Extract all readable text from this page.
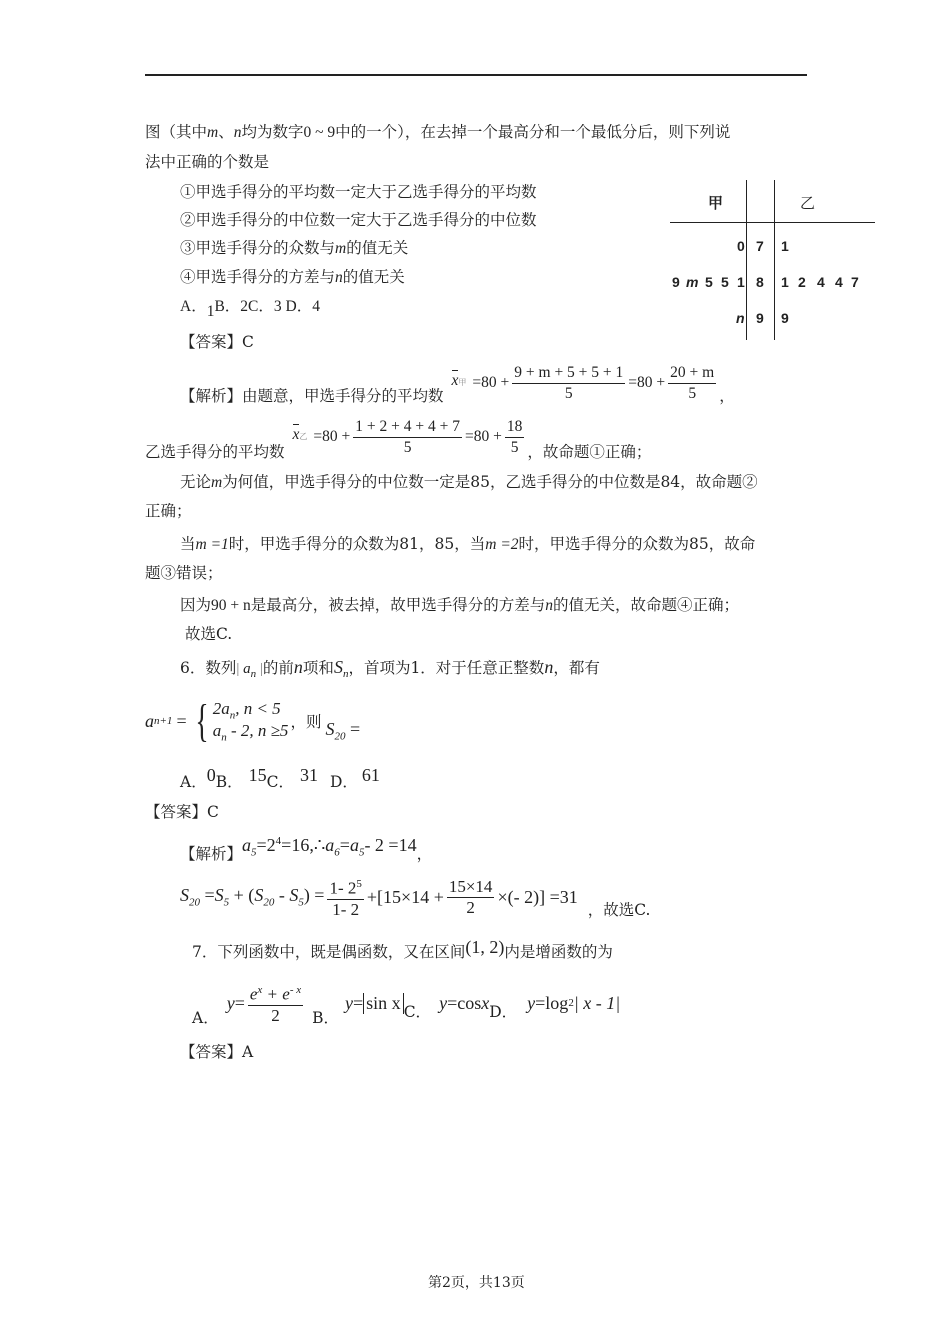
图（其中m、n均为数字0 ~ 9中的一个），在去掉一个最高分和一个最低分后，则下列说
法中正确的个数是
①甲选手得分的平均数一定大于乙选手得分的平均数
②甲选手得分的中位数一定大于乙选手得分的中位数
③甲选手得分的众数与m的值无关
④甲选手得分的方差与n的值无关
A．1B．2C．3 D．4
【答案】C
甲	乙
0 7 1
9 m 5 5 1 8 1 2 4 4 7
n 9 9
【解析】由题意，甲选手得分的平均数
x甲 $=80 + \frac{9 + m + 5 + 5 + 1}{5} =80 + \frac{20 + m}{5}$ ，
乙选手得分的平均数
x乙 $=80 + \frac{1 + 2 + 4 + 4 + 7}{5} =80 + \frac{18}{5}$ ，故命题①正确；
无论m为何值，甲选手得分的中位数一定是85，乙选手得分的中位数是84，故命题②
正确；
当m =1时，甲选手得分的众数为81，85，当m =2时，甲选手得分的众数为85，故命
题③错误；
因为90 + n是最高分，被去掉，故甲选手得分的方差与n的值无关，故命题④正确；
故选C.
6．数列| $a_n$ |的前n项和$S_n$，首项为1．对于任意正整数n，都有
a n+1 = { $2a_n$, n < 5
$a_n - 2$, n ≥5 ，则 $S_{20}$ =
A．0B． 15C． 31 D． 61
【答案】C
【解析】$a_5=2^4=16,\therefore a_6=a_5-$ 2 =14，
$S_{20} =S_5 + (S_{20} - S_5) = \frac{1- 2^5}{1- 2} +[15\times 14 + \frac{15\times 14}{2}$ ×(- 2)] =31
，故选C.
7．下列函数中，既是偶函数，又在区间(1, 2)内是增函数的为
A．
$y = \frac{e^x + e^{- x}}{2}$ B．
y = sin x C． y =cos x D． y =log 2 | x - 1|
【答案】A
第2页，共13页
